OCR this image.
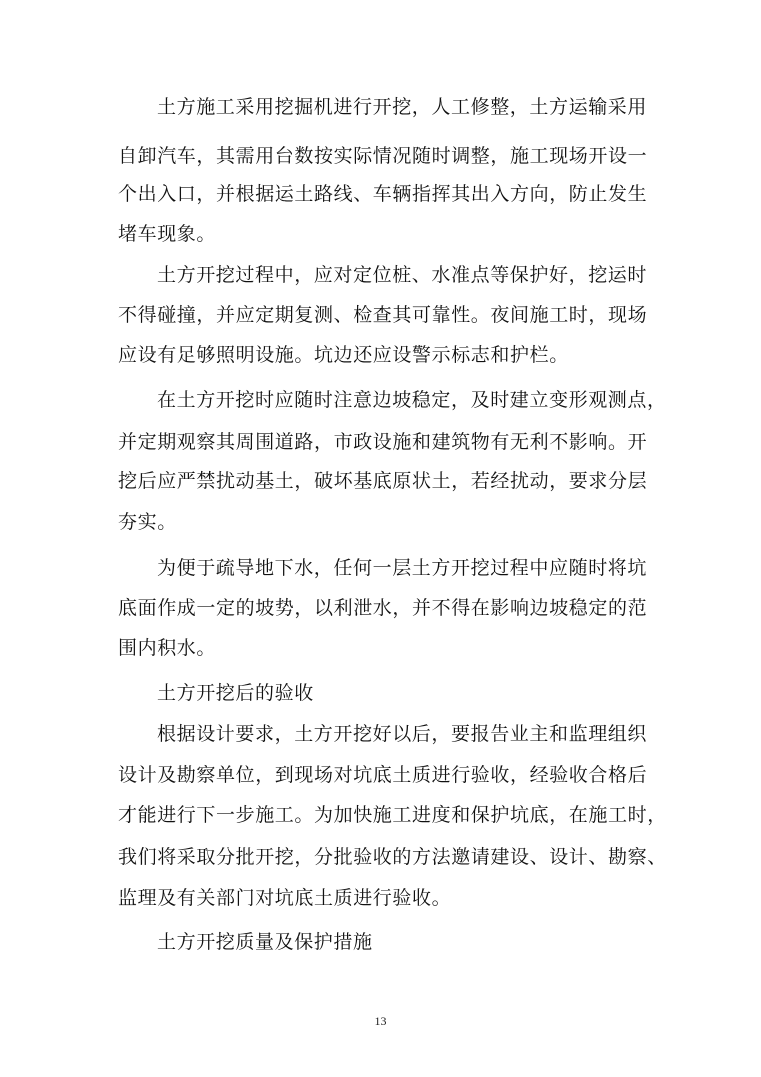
土方施工采用挖掘机进行开挖，人工修整，土方运输采用
自卸汽车，其需用台数按实际情况随时调整，施工现场开设一
个出入口，并根据运土路线、车辆指挥其出入方向，防止发生
堵车现象。
土方开挖过程中，应对定位桩、水准点等保护好，挖运时
不得碰撞，并应定期复测、检查其可靠性。夜间施工时，现场
应设有足够照明设施。坑边还应设警示标志和护栏。
在土方开挖时应随时注意边坡稳定，及时建立变形观测点，
并定期观察其周围道路，市政设施和建筑物有无利不影响。开
挖后应严禁扰动基土，破坏基底原状土，若经扰动，要求分层
夯实。
为便于疏导地下水，任何一层土方开挖过程中应随时将坑
底面作成一定的坡势，以利泄水，并不得在影响边坡稳定的范
围内积水。
土方开挖后的验收
根据设计要求，土方开挖好以后，要报告业主和监理组织
设计及勘察单位，到现场对坑底土质进行验收，经验收合格后
才能进行下一步施工。为加快施工进度和保护坑底，在施工时，
我们将采取分批开挖，分批验收的方法邀请建设、设计、勘察、
监理及有关部门对坑底土质进行验收。
土方开挖质量及保护措施
13
